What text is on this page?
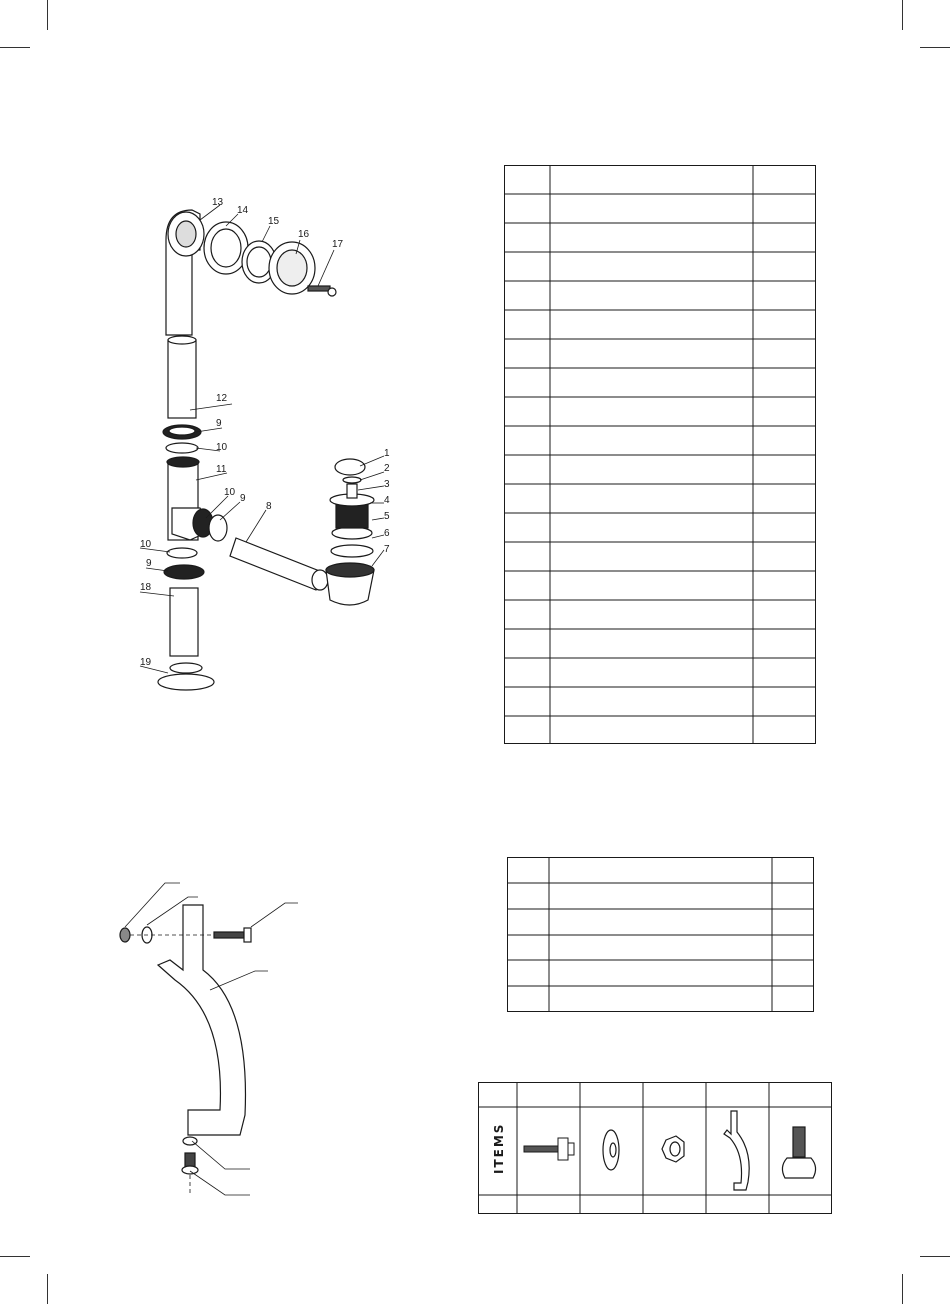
13
14
15
16
17
12
9
10
11
10
9
8
10
9
18
19
1
2
3
4
5
6
7
ITEMS
